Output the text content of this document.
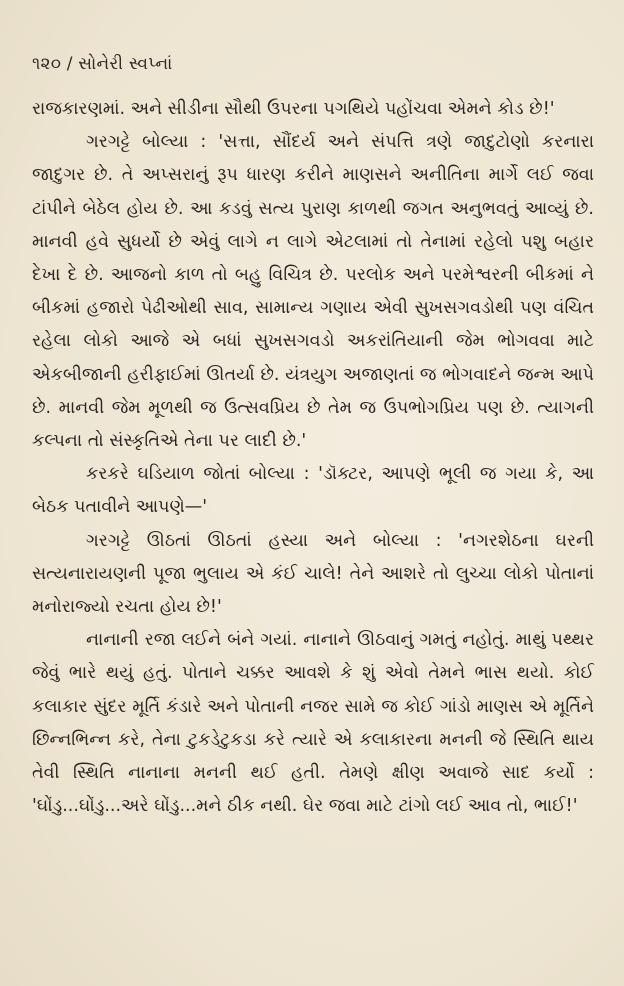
૧૨૦ / સોનેરી સ્વપ્નાં

રાજકારણમાં. અને સીડીના સૌથી ઉપરના પગથિયે પહોંચવા એમને કોડ છે!'

ગરગટ્ટે બોલ્યા : 'સત્તા, સૌંદર્ય અને સંપત્તિ ત્રણે જાદુટોણો કરનારા જાદુગર છે. તે અપ્સરાનું રૂપ ધારણ કરીને માણસને અનીતિના માર્ગે લઈ જવા ટાંપીને બેઠેલ હોય છે. આ કડવું સત્ય પુરાણ કાળથી જગત અનુભવતું આવ્યું છે. માનવી હવે સુધર્યો છે એવું લાગે ન લાગે એટલામાં તો તેનામાં રહેલો પશુ બહાર દેખા દે છે. આજનો કાળ તો બહુ વિચિત્ર છે. પરલોક અને પરમેશ્વરની બીકમાં ને બીકમાં હજારો પેઢીઓથી સાવ, સામાન્ય ગણાય એવી સુખસગવડોથી પણ વંચિત રહેલા લોકો આજે એ બધાં સુખસગવડો અકરાંતિયાની જેમ ભોગવવા માટે એકબીજાની હરીફાઈમાં ઊતર્યા છે. યંત્રયુગ અજાણતાં જ ભોગવાદને જન્મ આપે છે. માનવી જેમ મૂળથી જ ઉત્સવપ્રિય છે તેમ જ ઉપભોગપ્રિય પણ છે. ત્યાગની કલ્પના તો સંસ્કૃતિએ તેના પર લાદી છે.'

કરકરે ઘડિયાળ જોતાં બોલ્યા : 'ડૉક્ટર, આપણે ભૂલી જ ગયા કે, આ બેઠક પતાવીને આપણે—'

ગરગટ્ટે ઊઠતાં ઊઠતાં હસ્યા અને બોલ્યા : 'નગરશેઠના ઘરની સત્યનારાયણની પૂજા ભુલાય એ કંઈ ચાલે! તેને આશરે તો લુચ્ચા લોકો પોતાનાં મનોરાજ્યો રચતા હોય છે!'

નાનાની રજા લઈને બંને ગયાં. નાનાને ઊઠવાનું ગમતું નહોતું. માથું પથ્થર જેવું ભારે થયું હતું. પોતાને ચક્કર આવશે કે શું એવો તેમને ભાસ થયો. કોઈ કલાકાર સુંદર મૂર્તિ કંડારે અને પોતાની નજર સામે જ કોઈ ગાંડો માણસ એ મૂર્તિને છિન્નભિન્ન કરે, તેના ટુકડેટુકડા કરે ત્યારે એ કલાકારના મનની જે સ્થિતિ થાય તેવી સ્થિતિ નાનાના મનની થઈ હતી. તેમણે ક્ષીણ અવાજે સાદ કર્યો : 'ઘોંડુ...ઘોંડુ...અરે ઘોંડુ...મને ઠીક નથી. ઘેર જવા માટે ટાંગો લઈ આવ તો, ભાઈ!'
